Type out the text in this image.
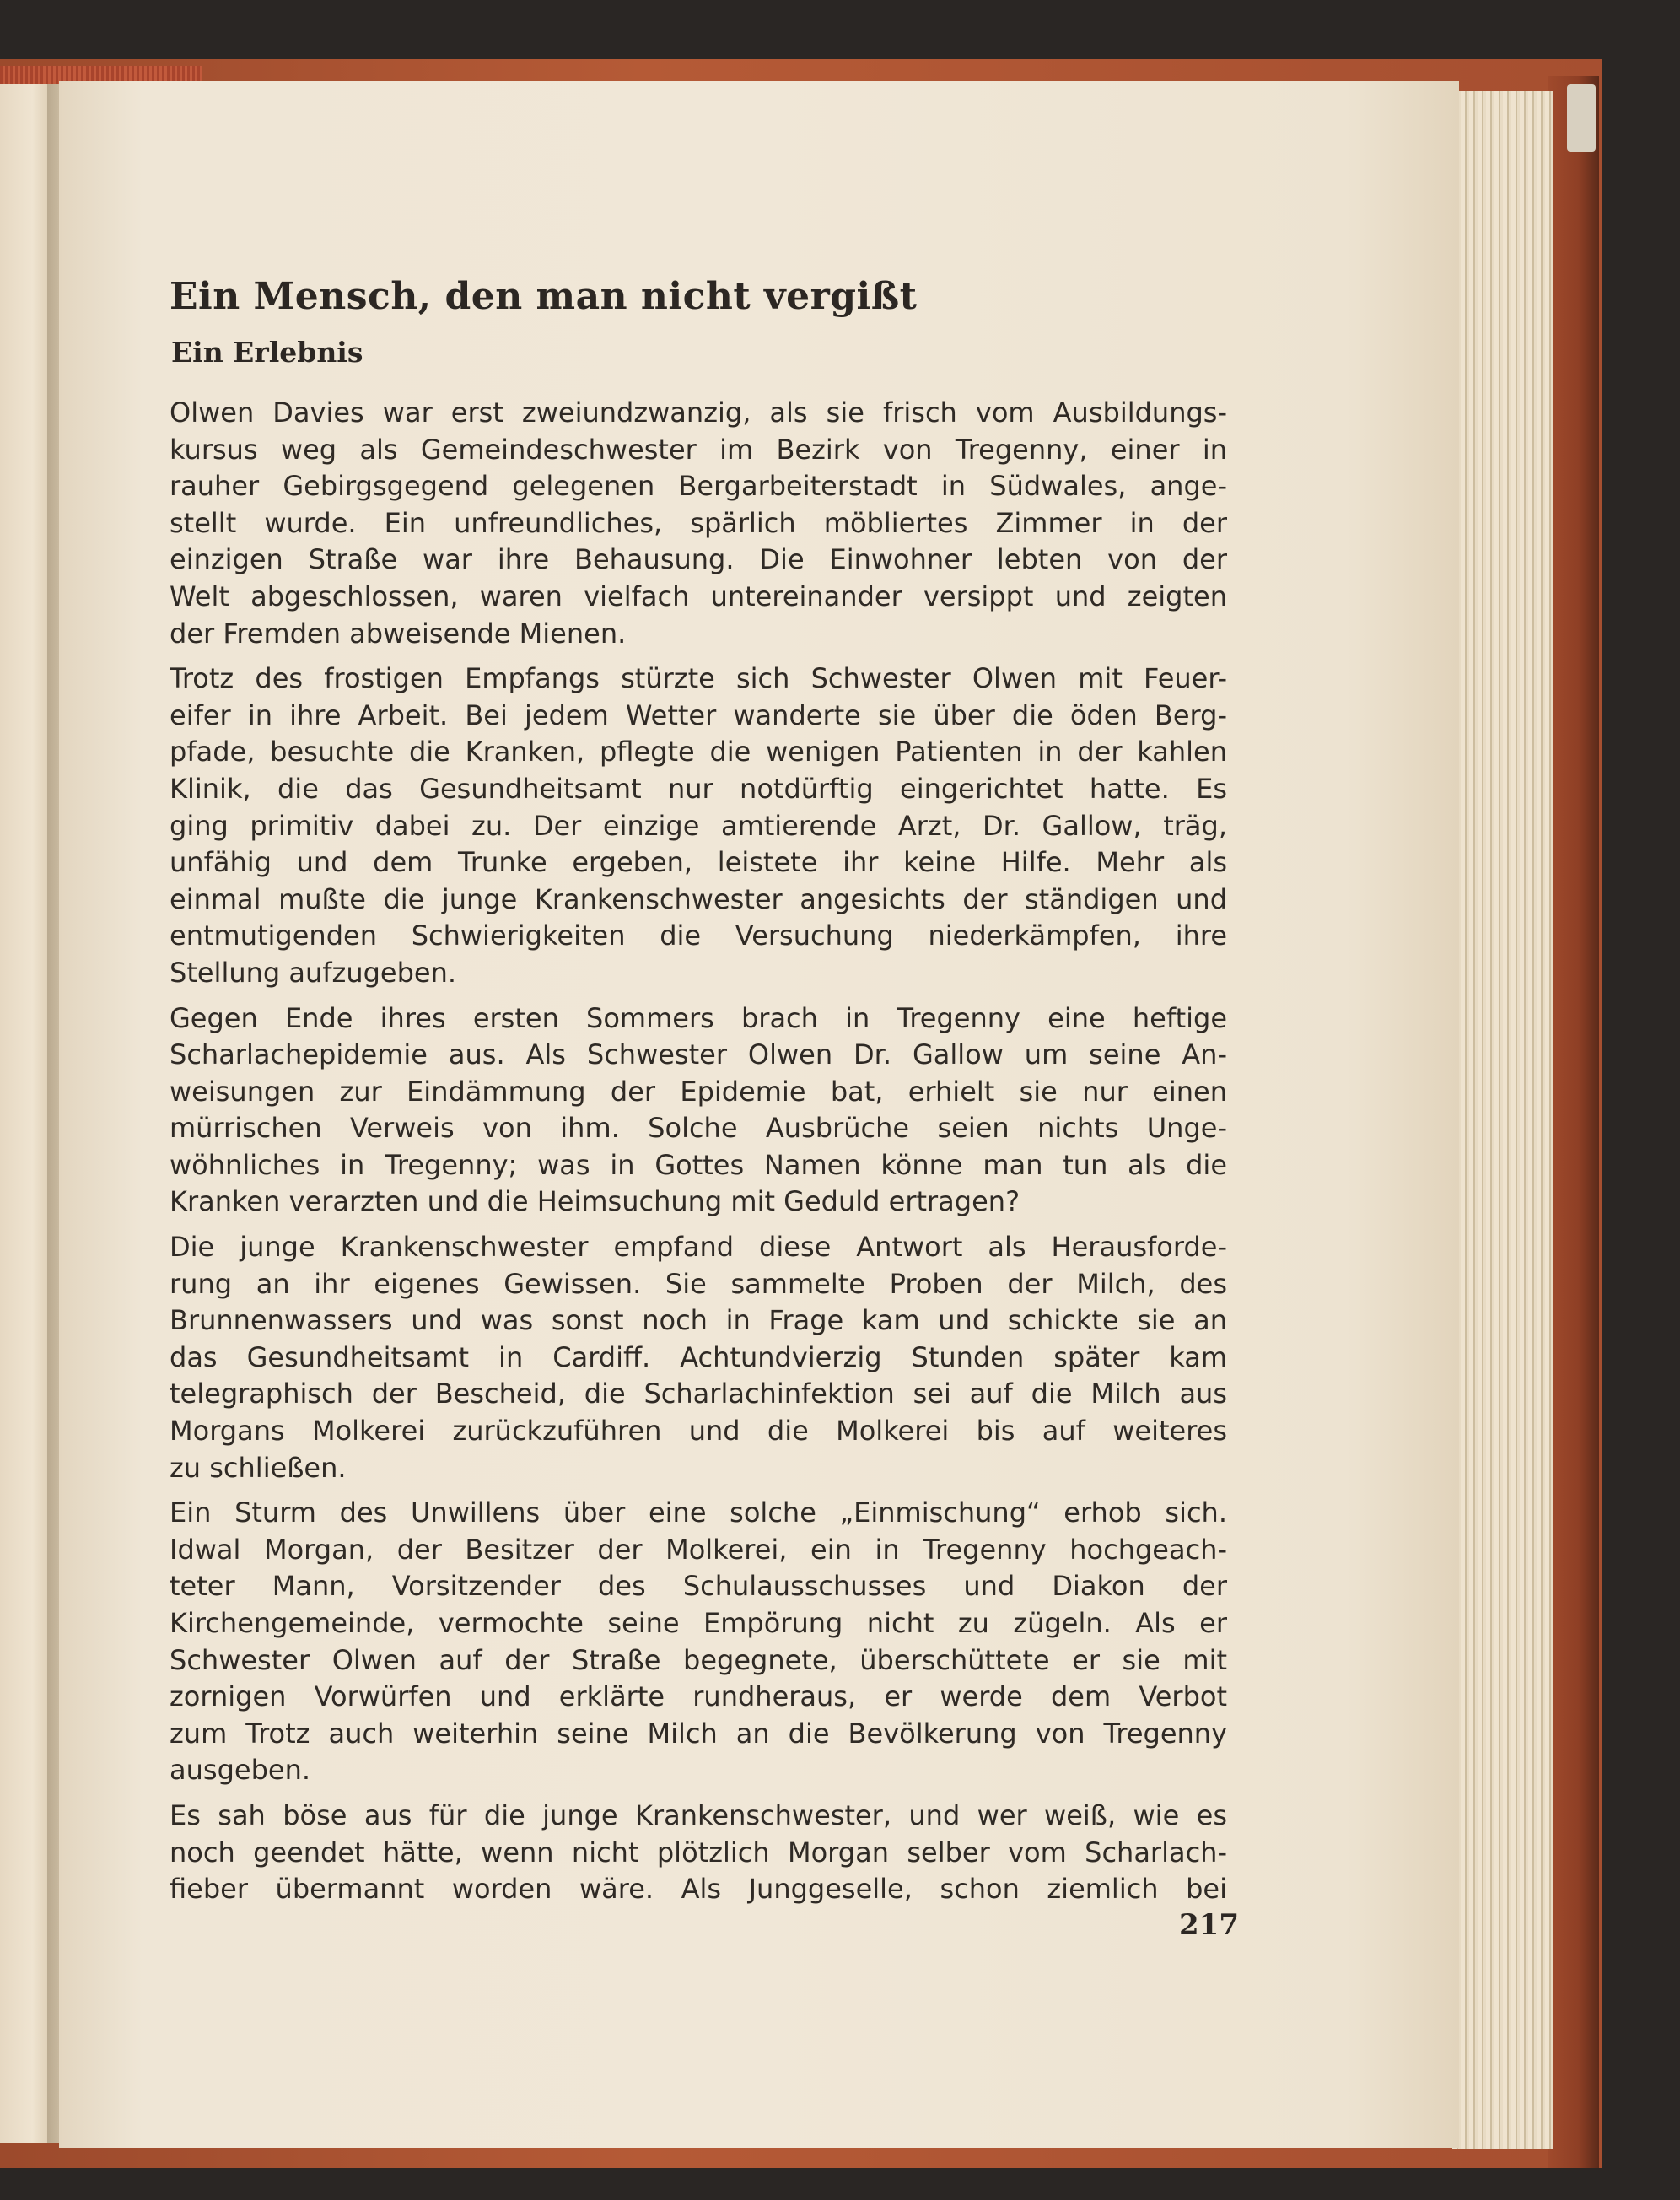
Ein Mensch, den man nicht vergißt
Ein Erlebnis
Olwen Davies war erst zweiundzwanzig, als sie frisch vom Ausbildungs-
kursus weg als Gemeindeschwester im Bezirk von Tregenny, einer in
rauher Gebirgsgegend gelegenen Bergarbeiterstadt in Südwales, ange-
stellt wurde. Ein unfreundliches, spärlich möbliertes Zimmer in der
einzigen Straße war ihre Behausung. Die Einwohner lebten von der
Welt abgeschlossen, waren vielfach untereinander versippt und zeigten
der Fremden abweisende Mienen.
Trotz des frostigen Empfangs stürzte sich Schwester Olwen mit Feuer-
eifer in ihre Arbeit. Bei jedem Wetter wanderte sie über die öden Berg-
pfade, besuchte die Kranken, pflegte die wenigen Patienten in der kahlen
Klinik, die das Gesundheitsamt nur notdürftig eingerichtet hatte. Es
ging primitiv dabei zu. Der einzige amtierende Arzt, Dr. Gallow, träg,
unfähig und dem Trunke ergeben, leistete ihr keine Hilfe. Mehr als
einmal mußte die junge Krankenschwester angesichts der ständigen und
entmutigenden Schwierigkeiten die Versuchung niederkämpfen, ihre
Stellung aufzugeben.
Gegen Ende ihres ersten Sommers brach in Tregenny eine heftige
Scharlachepidemie aus. Als Schwester Olwen Dr. Gallow um seine An-
weisungen zur Eindämmung der Epidemie bat, erhielt sie nur einen
mürrischen Verweis von ihm. Solche Ausbrüche seien nichts Unge-
wöhnliches in Tregenny; was in Gottes Namen könne man tun als die
Kranken verarzten und die Heimsuchung mit Geduld ertragen?
Die junge Krankenschwester empfand diese Antwort als Herausforde-
rung an ihr eigenes Gewissen. Sie sammelte Proben der Milch, des
Brunnenwassers und was sonst noch in Frage kam und schickte sie an
das Gesundheitsamt in Cardiff. Achtundvierzig Stunden später kam
telegraphisch der Bescheid, die Scharlachinfektion sei auf die Milch aus
Morgans Molkerei zurückzuführen und die Molkerei bis auf weiteres
zu schließen.
Ein Sturm des Unwillens über eine solche „Einmischung“ erhob sich.
Idwal Morgan, der Besitzer der Molkerei, ein in Tregenny hochgeach-
teter Mann, Vorsitzender des Schulausschusses und Diakon der
Kirchengemeinde, vermochte seine Empörung nicht zu zügeln. Als er
Schwester Olwen auf der Straße begegnete, überschüttete er sie mit
zornigen Vorwürfen und erklärte rundheraus, er werde dem Verbot
zum Trotz auch weiterhin seine Milch an die Bevölkerung von Tregenny
ausgeben.
Es sah böse aus für die junge Krankenschwester, und wer weiß, wie es
noch geendet hätte, wenn nicht plötzlich Morgan selber vom Scharlach-
fieber übermannt worden wäre. Als Junggeselle, schon ziemlich bei

217
